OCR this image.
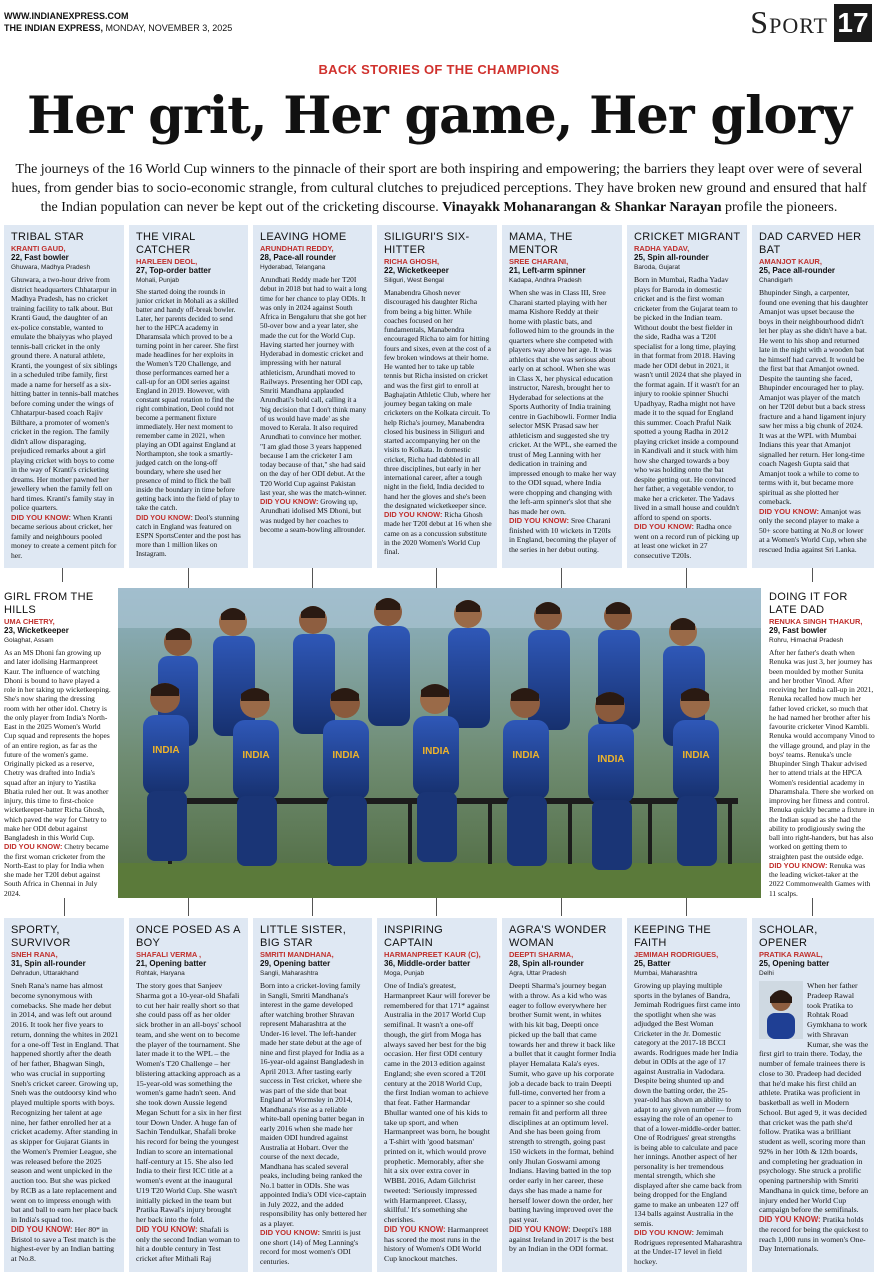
WWW.INDIANEXPRESS.COM
THE INDIAN EXPRESS, MONDAY, NOVEMBER 3, 2025	Sport 17
BACK STORIES OF THE CHAMPIONS
Her grit, Her game, Her glory
The journeys of the 16 World Cup winners to the pinnacle of their sport are both inspiring and empowering; the barriers they leapt over were of several hues, from gender bias to socio-economic strangle, from cultural clutches to prejudiced perceptions. They have broken new ground and ensured that half the Indian population can never be kept out of the cricketing discourse. Vinayakk Mohanarangan & Shankar Narayan profile the pioneers.
TRIBAL STAR
KRANTI GAUD,
22, Fast bowler
Ghuwara, Madhya Pradesh

Ghuwara, a two-hour drive from district headquarters Chhatarpur in Madhya Pradesh, has no cricket training facility to talk about. But Kranti Gaud, the daughter of an ex-police constable, wanted to emulate the bhaiyyas who played tennis-ball cricket in the only ground there. A natural athlete, Kranti, the youngest of six siblings in a scheduled tribe family, first made a name for herself as a six-hitting batter in tennis-ball matches before coming under the wings of Chhatarpur-based coach Rajiv Bilthare, a promoter of women's cricket in the region. The family didn't allow disparaging, prejudiced remarks about a girl playing cricket with boys to come in the way of Kranti's cricketing dreams. Her mother pawned her jewellery when the family fell on hard times. Kranti's family stay in police quarters.

DID YOU KNOW: When Kranti became serious about cricket, her family and neighbours pooled money to create a cement pitch for her.

THE VIRAL CATCHER
HARLEEN DEOL,
27, Top-order batter
Mohali, Punjab

She started doing the rounds in junior cricket in Mohali as a skilled batter and handy off-break bowler. Later, her parents decided to send her to the HPCA academy in Dharamsala which proved to be a turning point in her career. She first made headlines for her exploits in the Women's T20 Challenge, and those performances earned her a call-up for an ODI series against England in 2019. However, with constant squad rotation to find the right combination, Deol could not become a permanent fixture immediately. Her next moment to remember came in 2021, when playing an ODI against England at Northampton, she took a smartly-judged catch on the long-off boundary, where she used her presence of mind to flick the ball inside the boundary in time before getting back into the field of play to take the catch.

DID YOU KNOW: Deol's stunning catch in England was featured on ESPN SportsCenter and the post has more than 1 million likes on Instagram.

LEAVING HOME
ARUNDHATI REDDY,
28, Pace-all rounder
Hyderabad, Telangana

Arundhati Reddy made her T20I debut in 2018 but had to wait a long time for her chance to play ODIs. It was only in 2024 against South Africa in Bengaluru that she got her 50-over bow and a year later, she made the cut for the World Cup. Having started her journey with Hyderabad in domestic cricket and impressing with her natural athleticism, Arundhati moved to Railways. Presenting her ODI cap, Smriti Mandhana applauded Arundhati's bold call, calling it a 'big decision that I don't think many of us would have made' as she moved to Kerala. It also required Arundhati to convince her mother. "I am glad those 3 years happened because I am the cricketer I am today because of that," she had said on the day of her ODI debut. At the T20 World Cup against Pakistan last year, she was the match-winner.

DID YOU KNOW: Growing up, Arundhati idolised MS Dhoni, but was nudged by her coaches to become a seam-bowling allrounder.

SILIGURI'S SIX-HITTER
RICHA GHOSH,
22, Wicketkeeper
Siliguri, West Bengal

Manabendra Ghosh never discouraged his daughter Richa from being a big hitter. While coaches focused on her fundamentals, Manabendra encouraged Richa to aim for hitting fours and sixes, even at the cost of a few broken windows at their home. He wanted her to take up table tennis but Richa insisted on cricket and was the first girl to enroll at Baghajatin Athletic Club, where her journey began taking on male cricketers on the Kolkata circuit. To help Richa's journey, Manabendra closed his business in Siliguri and started accompanying her on the visits to Kolkata. In domestic cricket, Richa had dabbled in all three disciplines, but early in her international career, after a tough night in the field, India decided to hand her the gloves and she's been the designated wicketkeeper since.

DID YOU KNOW: Richa Ghosh made her T20I debut at 16 when she came on as a concussion substitute in the 2020 Women's World Cup final.

MAMA, THE MENTOR
SREE CHARANI,
21, Left-arm spinner
Kadapa, Andhra Pradesh

When she was in Class III, Sree Charani started playing with her mama Kishore Reddy at their home with plastic bats, and followed him to the grounds in the quarters where she competed with players way above her age. It was athletics that she was serious about early on at school. When she was in Class X, her physical education instructor, Naresh, brought her to Hyderabad for selections at the Sports Authority of India training centre in Gachibowli. Former India selector MSK Prasad saw her athleticism and suggested she try cricket. At the WPL, she earned the trust of Meg Lanning with her dedication in training and impressed enough to make her way to the ODI squad, where India were chopping and changing with the left-arm spinner's slot that she has made her own.

DID YOU KNOW: Sree Charani finished with 10 wickets in T20Is in England, becoming the player of the series in her debut outing.

CRICKET MIGRANT
RADHA YADAV,
25, Spin all-rounder
Baroda, Gujarat

Born in Mumbai, Radha Yadav plays for Baroda in domestic cricket and is the first woman cricketer from the Gujarat team to be picked in the Indian team. Without doubt the best fielder in the side, Radha was a T20I specialist for a long time, playing in that format from 2018. Having made her ODI debut in 2021, it wasn't until 2024 that she played in the format again. If it wasn't for an injury to rookie spinner Shuchi Upadhyay, Radha might not have made it to the squad for England this summer. Coach Praful Naik spotted a young Radha in 2012 playing cricket inside a compound in Kandivali and it stuck with him how she charged towards a boy who was holding onto the bat despite getting out. He convinced her father, a vegetable vendor, to make her a cricketer. The Yadavs lived in a small house and couldn't afford to spend on sports.

DID YOU KNOW: Radha once went on a record run of picking up at least one wicket in 27 consecutive T20Is.

DAD CARVED HER BAT
AMANJOT KAUR,
25, Pace all-rounder
Chandigarh

Bhupinder Singh, a carpenter, found one evening that his daughter Amanjot was upset because the boys in their neighbourhood didn't let her play as she didn't have a bat. He went to his shop and returned late in the night with a wooden bat he himself had carved. It would be the first bat that Amanjot owned. Despite the taunting she faced, Bhupinder encouraged her to play. Amanjot was player of the match on her T20I debut but a back stress fracture and a hand ligament injury saw her miss a big chunk of 2024. It was at the WPL with Mumbai Indians this year that Amanjot signalled her return. Her long-time coach Nagesh Gupta said that Amanjot took a while to come to terms with it, but became more spiritual as she plotted her comeback.

DID YOU KNOW: Amanjot was only the second player to make a 50+ score batting at No.8 or lower at a Women's World Cup, when she rescued India against Sri Lanka.

GIRL FROM THE HILLS
UMA CHETRY,
23, Wicketkeeper
Golaghat, Assam

As an MS Dhoni fan growing up and later idolising Harmanpreet Kaur. The influence of watching Dhoni is bound to have played a role in her taking up wicketkeeping. She's now sharing the dressing room with her other idol. Chetry is the only player from India's North-East in the 2025 Women's World Cup squad and represents the hopes of an entire region, as far as the future of the women's game. Originally picked as a reserve, Chetry was drafted into India's squad after an injury to Yastika Bhatia ruled her out. It was another injury, this time to first-choice wicketkeeper-batter Richa Ghosh, which paved the way for Chetry to make her ODI debut against Bangladesh in this World Cup.

DID YOU KNOW: Chetry became the first woman cricketer from the North-East to play for India when she made her T20I debut against South Africa in Chennai in July 2024.

DOING IT FOR LATE DAD
RENUKA SINGH THAKUR,
29, Fast bowler
Rohru, Himachal Pradesh

After her father's death when Renuka was just 3, her journey has been moulded by mother Sunita and her brother Vinod. After receiving her India call-up in 2021, Renuka recalled how much her father loved cricket, so much that he had named her brother after his favourite cricketer Vinod Kambli. Renuka would accompany Vinod to the village ground, and play in the boys' teams. Renuka's uncle Bhupinder Singh Thakur advised her to attend trials at the HPCA Women's residential academy in Dharamshala. There she worked on improving her fitness and control. Renuka quickly became a fixture in the Indian squad as she had the ability to prodigiously swing the ball into right-handers, but has also worked on getting them to straighten past the outside edge.

DID YOU KNOW: Renuka was the leading wicket-taker at the 2022 Commonwealth Games with 11 scalps.

INDIA	INDIA	INDIA	INDIA	INDIA	INDIA	INDIA
SPORTY, SURVIVOR
SNEH RANA,
31, Spin all-rounder
Dehradun, Uttarakhand

Sneh Rana's name has almost become synonymous with comebacks. She made her debut in 2014, and was left out around 2016. It took her five years to return, donning the whites in 2021 for a one-off Test in England. That happened shortly after the death of her father, Bhagwan Singh, who was crucial in supporting Sneh's cricket career. Growing up, Sneh was the outdoorsy kind who played multiple sports with boys. Recognizing her talent at age nine, her father enrolled her at a cricket academy. After standing in as skipper for Gujarat Giants in the Women's Premier League, she was released before the 2025 season and went unpicked in the auction too. But she was picked by RCB as a late replacement and went on to impress enough with bat and ball to earn her place back in India's squad too.

DID YOU KNOW: Her 80* in Bristol to save a Test match is the highest-ever by an Indian batting at No.8.

ONCE POSED AS A BOY
SHAFALI VERMA ,
21, Opening batter
Rohtak, Haryana

The story goes that Sanjeev Sharma got a 10-year-old Shafali to cut her hair really short so that she could pass off as her older sick brother in an all-boys' school team, and she went on to become the player of the tournament. She later made it to the WPL – the Women's T20 Challenge – her blistering attacking approach as a 15-year-old was something the women's game hadn't seen. And she took down Aussie legend Megan Schutt for a six in her first tour Down Under. A huge fan of Sachin Tendulkar, Shafali broke his record for being the youngest Indian to score an international half-century at 15. She also led India to their first ICC title at a women's event at the inaugural U19 T20 World Cup. She wasn't initially picked in the team but Pratika Rawal's injury brought her back into the fold.

DID YOU KNOW: Shafali is only the second Indian woman to hit a double century in Test cricket after Mithali Raj

LITTLE SISTER, BIG STAR
SMRITI MANDHANA,
29, Opening batter
Sangli, Maharashtra

Born into a cricket-loving family in Sangli, Smriti Mandhana's interest in the game developed after watching brother Shravan represent Maharashtra at the Under-16 level. The left-hander made her state debut at the age of nine and first played for India as a 16-year-old against Bangladesh in April 2013. After tasting early success in Test cricket, where she was part of the side that beat England at Wormsley in 2014, Mandhana's rise as a reliable white-ball opening batter began in early 2016 when she made her maiden ODI hundred against Australia at Hobart. Over the course of the next decade, Mandhana has scaled several peaks, including being ranked the No.1 batter in ODIs. She was appointed India's ODI vice-captain in July 2022, and the added responsibility has only bettered her as a player.

DID YOU KNOW: Smriti is just one short (14) of Meg Lanning's record for most women's ODI centuries.

INSPIRING CAPTAIN
HARMANPREET KAUR (C),
36, Middle-order batter
Moga, Punjab

One of India's greatest, Harmanpreet Kaur will forever be remembered for that 171* against Australia in the 2017 World Cup semifinal. It wasn't a one-off though, the girl from Moga has always saved her best for the big occasion. Her first ODI century came in the 2013 edition against England; she even scored a T20I century at the 2018 World Cup, the first Indian woman to achieve that feat. Father Harmandar Bhullar wanted one of his kids to take up sport, and when Harmanpreet was born, he bought a T-shirt with 'good batsman' printed on it, which would prove prophetic. Memorably, after she hit a six over extra cover in WBBL 2016, Adam Gilchrist tweeted: 'Seriously impressed with Harmanpreet. Classy, skillful.' It's something she cherishes.

DID YOU KNOW: Harmanpreet has scored the most runs in the history of Women's ODI World Cup knockout matches.

AGRA'S WONDER WOMAN
DEEPTI SHARMA,
28, Spin all-rounder
Agra, Uttar Pradesh

Deepti Sharma's journey began with a throw. As a kid who was eager to follow everywhere her brother Sumit went, in whites with his kit bag, Deepti once picked up the ball that came towards her and threw it back like a bullet that it caught former India player Hemalata Kala's eyes. Sumit, who gave up his corporate job a decade back to train Deepti full-time, converted her from a pacer to a spinner so she could remain fit and perform all three disciplines at an optimum level. And she has been going from strength to strength, going past 150 wickets in the format, behind only Jhulan Goswami among Indians. Having batted in the top order early in her career, these days she has made a name for herself lower down the order, her batting having improved over the past year.

DID YOU KNOW: Deepti's 188 against Ireland in 2017 is the best by an Indian in the ODI format.

KEEPING THE FAITH
JEMIMAH RODRIGUES,
25, Batter
Mumbai, Maharashtra

Growing up playing multiple sports in the bylanes of Bandra, Jemimah Rodrigues first came into the spotlight when she was adjudged the Best Woman Cricketer in the Jr. Domestic category at the 2017-18 BCCI awards. Rodrigues made her India debut in ODIs at the age of 17 against Australia in Vadodara. Despite being shunted up and down the batting order, the 25-year-old has shown an ability to adapt to any given number — from essaying the role of an opener to that of a lower-middle-order batter. One of Rodrigues' great strengths is being able to calculate and pace her innings. Another aspect of her personality is her tremendous mental strength, which she displayed after she came back from being dropped for the England game to make an unbeaten 127 off 134 balls against Australia in the semis.

DID YOU KNOW: Jemimah Rodrigues represented Maharashtra at the Under-17 level in field hockey.

SCHOLAR, OPENER
PRATIKA RAWAL,
25, Opening batter
Delhi

When her father Pradeep Rawal took Pratika to Rohtak Road Gymkhana to work with Shravan Kumar, she was the first girl to train there. Today, the number of female trainees there is close to 30. Pradeep had decided that he'd make his first child an athlete. Pratika was proficient in basketball as well in Modern School. But aged 9, it was decided that cricket was the path she'd follow. Pratika was a brilliant student as well, scoring more than 92% in her 10th & 12th boards, and completing her graduation in psychology. She struck a prolific opening partnership with Smriti Mandhana in quick time, before an injury ended her World Cup campaign before the semifinals.

DID YOU KNOW: Pratika holds the record for being the quickest to reach 1,000 runs in women's One-Day Internationals.
